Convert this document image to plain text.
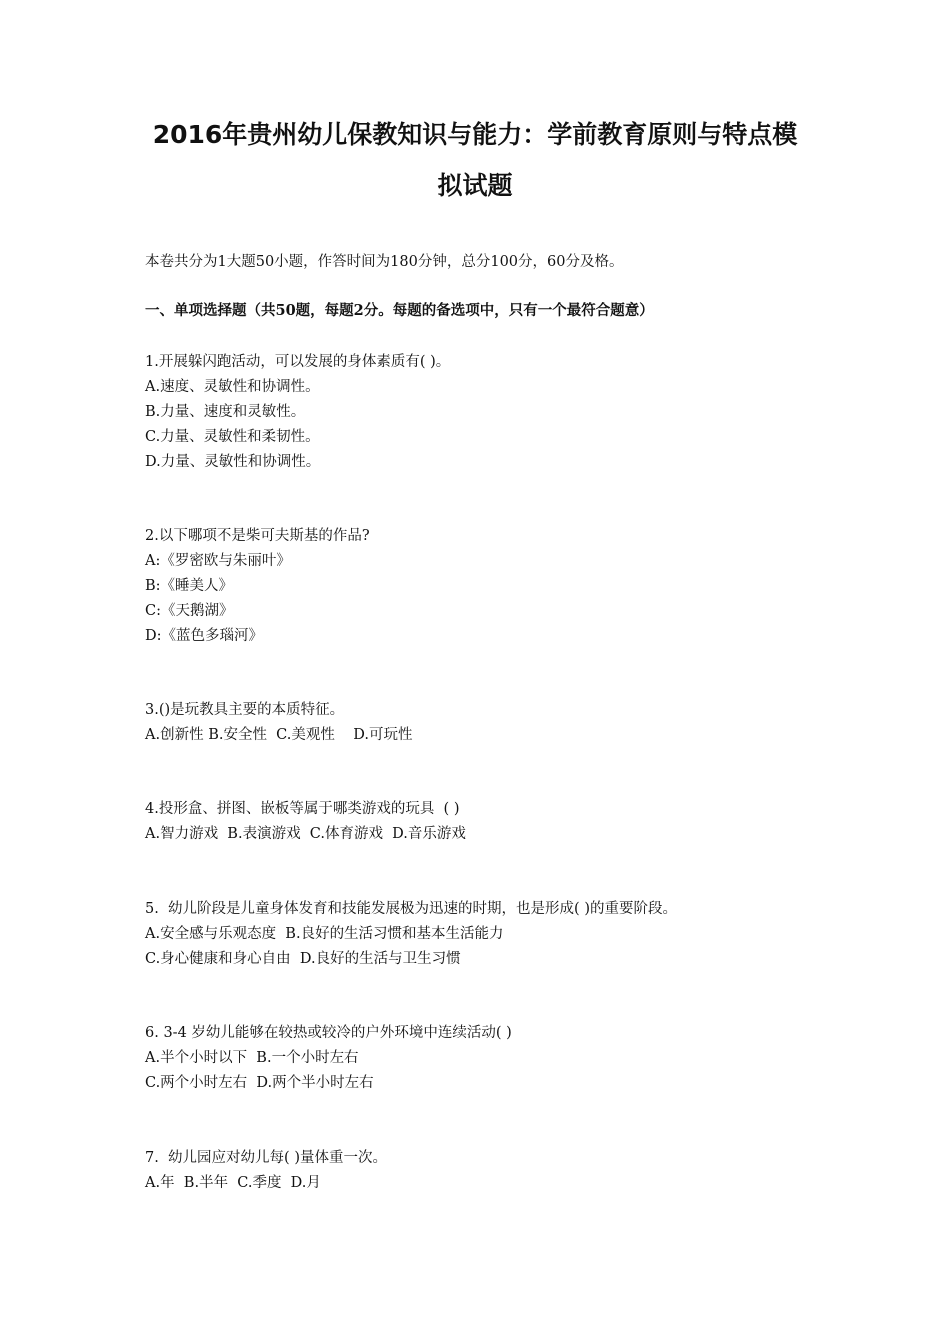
2016年贵州幼儿保教知识与能力：学前教育原则与特点模
拟试题
本卷共分为1大题50小题，作答时间为180分钟，总分100分，60分及格。
一、单项选择题（共50题，每题2分。每题的备选项中，只有一个最符合题意）
1.开展躲闪跑活动，可以发展的身体素质有( )。
A.速度、灵敏性和协调性。
B.力量、速度和灵敏性。
C.力量、灵敏性和柔韧性。
D.力量、灵敏性和协调性。
2.以下哪项不是柴可夫斯基的作品?
A:《罗密欧与朱丽叶》
B:《睡美人》
C:《天鹅湖》
D:《蓝色多瑙河》
3.()是玩教具主要的本质特征。
A.创新性 B.安全性  C.美观性    D.可玩性
4.投形盒、拼图、嵌板等属于哪类游戏的玩具  ( )
A.智力游戏  B.表演游戏  C.体育游戏  D.音乐游戏
5.  幼儿阶段是儿童身体发育和技能发展极为迅速的时期，也是形成( )的重要阶段。
A.安全感与乐观态度  B.良好的生活习惯和基本生活能力
C.身心健康和身心自由  D.良好的生活与卫生习惯
6. 3-4 岁幼儿能够在较热或较冷的户外环境中连续活动( )
A.半个小时以下  B.一个小时左右
C.两个小时左右  D.两个半小时左右
7.  幼儿园应对幼儿每( )量体重一次。
A.年  B.半年  C.季度  D.月
